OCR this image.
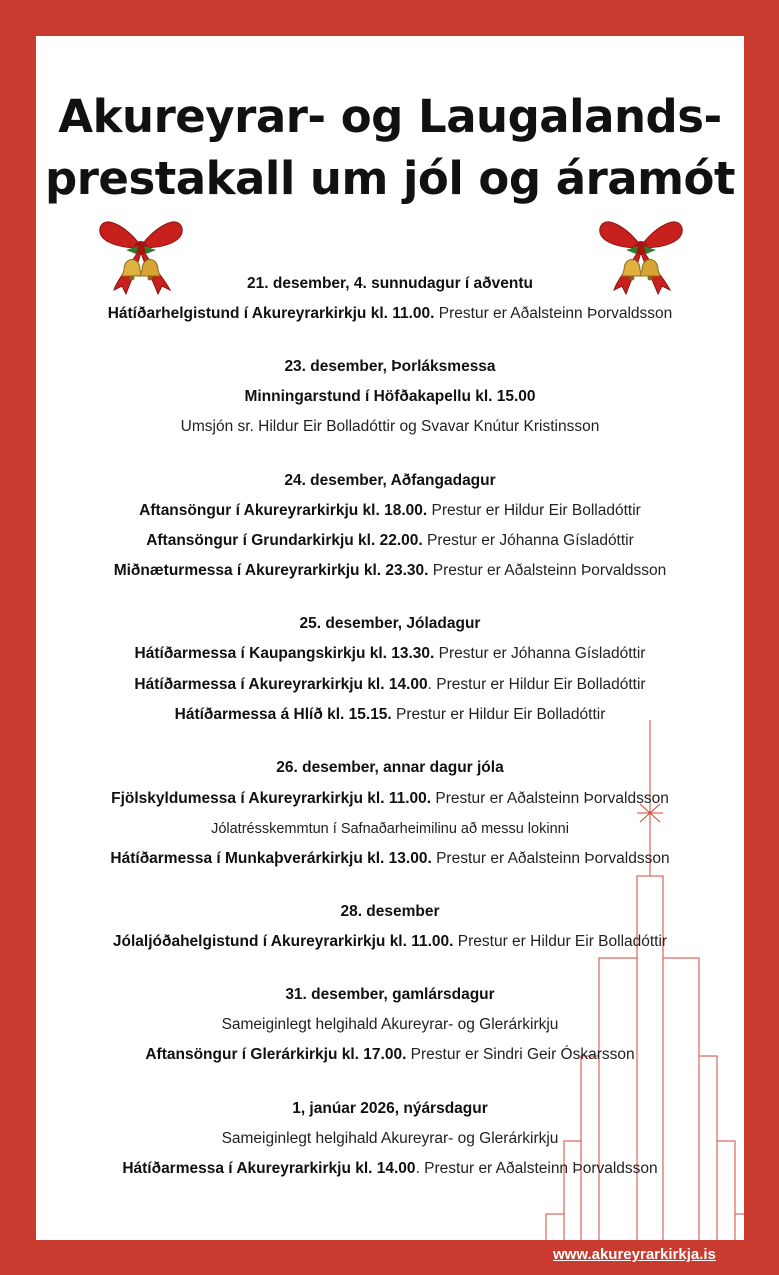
Akureyrar- og Laugalands-
prestakall um jól og áramót
21. desember, 4. sunnudagur í aðventu
Hátíðarhelgistund í Akureyrarkirkju kl. 11.00. Prestur er Aðalsteinn Þorvaldsson
23. desember, Þorláksmessa
Minningarstund í Höfðakapellu kl. 15.00
Umsjón sr. Hildur Eir Bolladóttir og Svavar Knútur Kristinsson
24. desember, Aðfangadagur
Aftansöngur í Akureyrarkirkju kl. 18.00. Prestur er Hildur Eir Bolladóttir
Aftansöngur í Grundarkirkju kl. 22.00. Prestur er Jóhanna Gísladóttir
Miðnæturmessa í Akureyrarkirkju kl. 23.30. Prestur er Aðalsteinn Þorvaldsson
25. desember, Jóladagur
Hátíðarmessa í Kaupangskirkju kl. 13.30. Prestur er Jóhanna Gísladóttir
Hátíðarmessa í Akureyrarkirkju kl. 14.00. Prestur er Hildur Eir Bolladóttir
Hátíðarmessa á Hlíð kl. 15.15. Prestur er Hildur Eir Bolladóttir
26. desember, annar dagur jóla
Fjölskyldumessa í Akureyrarkirkju kl. 11.00. Prestur er Aðalsteinn Þorvaldsson
Jólatrésskemmtun í Safnaðarheimilinu að messu lokinni
Hátíðarmessa í Munkaþverárkirkju kl. 13.00. Prestur er Aðalsteinn Þorvaldsson
28. desember
Jólaljóðahelgistund í Akureyrarkirkju kl. 11.00. Prestur er Hildur Eir Bolladóttir
31. desember, gamlársdagur
Sameiginlegt helgihald Akureyrar- og Glerárkirkju
Aftansöngur í Glerárkirkju kl. 17.00. Prestur er Sindri Geir Óskarsson
1, janúar 2026, nýársdagur
Sameiginlegt helgihald Akureyrar- og Glerárkirkju
Hátíðarmessa í Akureyrarkirkju kl. 14.00. Prestur er Aðalsteinn Þorvaldsson
www.akureyrarkirkja.is
